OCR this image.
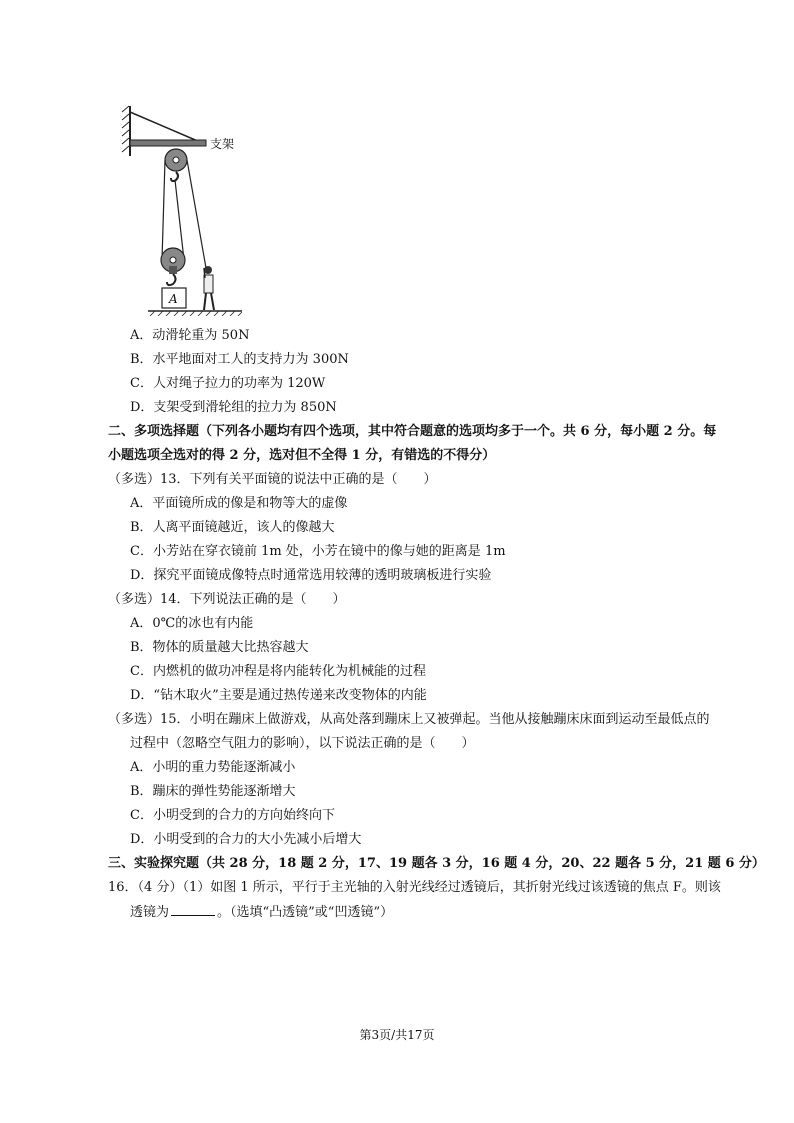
支架
A
A．动滑轮重为 50N
B．水平地面对工人的支持力为 300N
C．人对绳子拉力的功率为 120W
D．支架受到滑轮组的拉力为 850N
二、多项选择题（下列各小题均有四个选项，其中符合题意的选项均多于一个。共 6 分，每小题 2 分。每
小题选项全选对的得 2 分，选对但不全得 1 分，有错选的不得分）
（多选）13．下列有关平面镜的说法中正确的是（　　）
A．平面镜所成的像是和物等大的虚像
B．人离平面镜越近，该人的像越大
C．小芳站在穿衣镜前 1m 处，小芳在镜中的像与她的距离是 1m
D．探究平面镜成像特点时通常选用较薄的透明玻璃板进行实验
（多选）14．下列说法正确的是（　　）
A．0℃的冰也有内能
B．物体的质量越大比热容越大
C．内燃机的做功冲程是将内能转化为机械能的过程
D．“钻木取火”主要是通过热传递来改变物体的内能
（多选）15．小明在蹦床上做游戏，从高处落到蹦床上又被弹起。当他从接触蹦床床面到运动至最低点的
过程中（忽略空气阻力的影响），以下说法正确的是（　　）
A．小明的重力势能逐渐减小
B．蹦床的弹性势能逐渐增大
C．小明受到的合力的方向始终向下
D．小明受到的合力的大小先减小后增大
三、实验探究题（共 28 分，18 题 2 分，17、19 题各 3 分，16 题 4 分，20、22 题各 5 分，21 题 6 分）
16．（4 分）（1）如图 1 所示，平行于主光轴的入射光线经过透镜后，其折射光线过该透镜的焦点 F。则该
透镜为	。（选填“凸透镜”或“凹透镜”）
第3页/共17页
